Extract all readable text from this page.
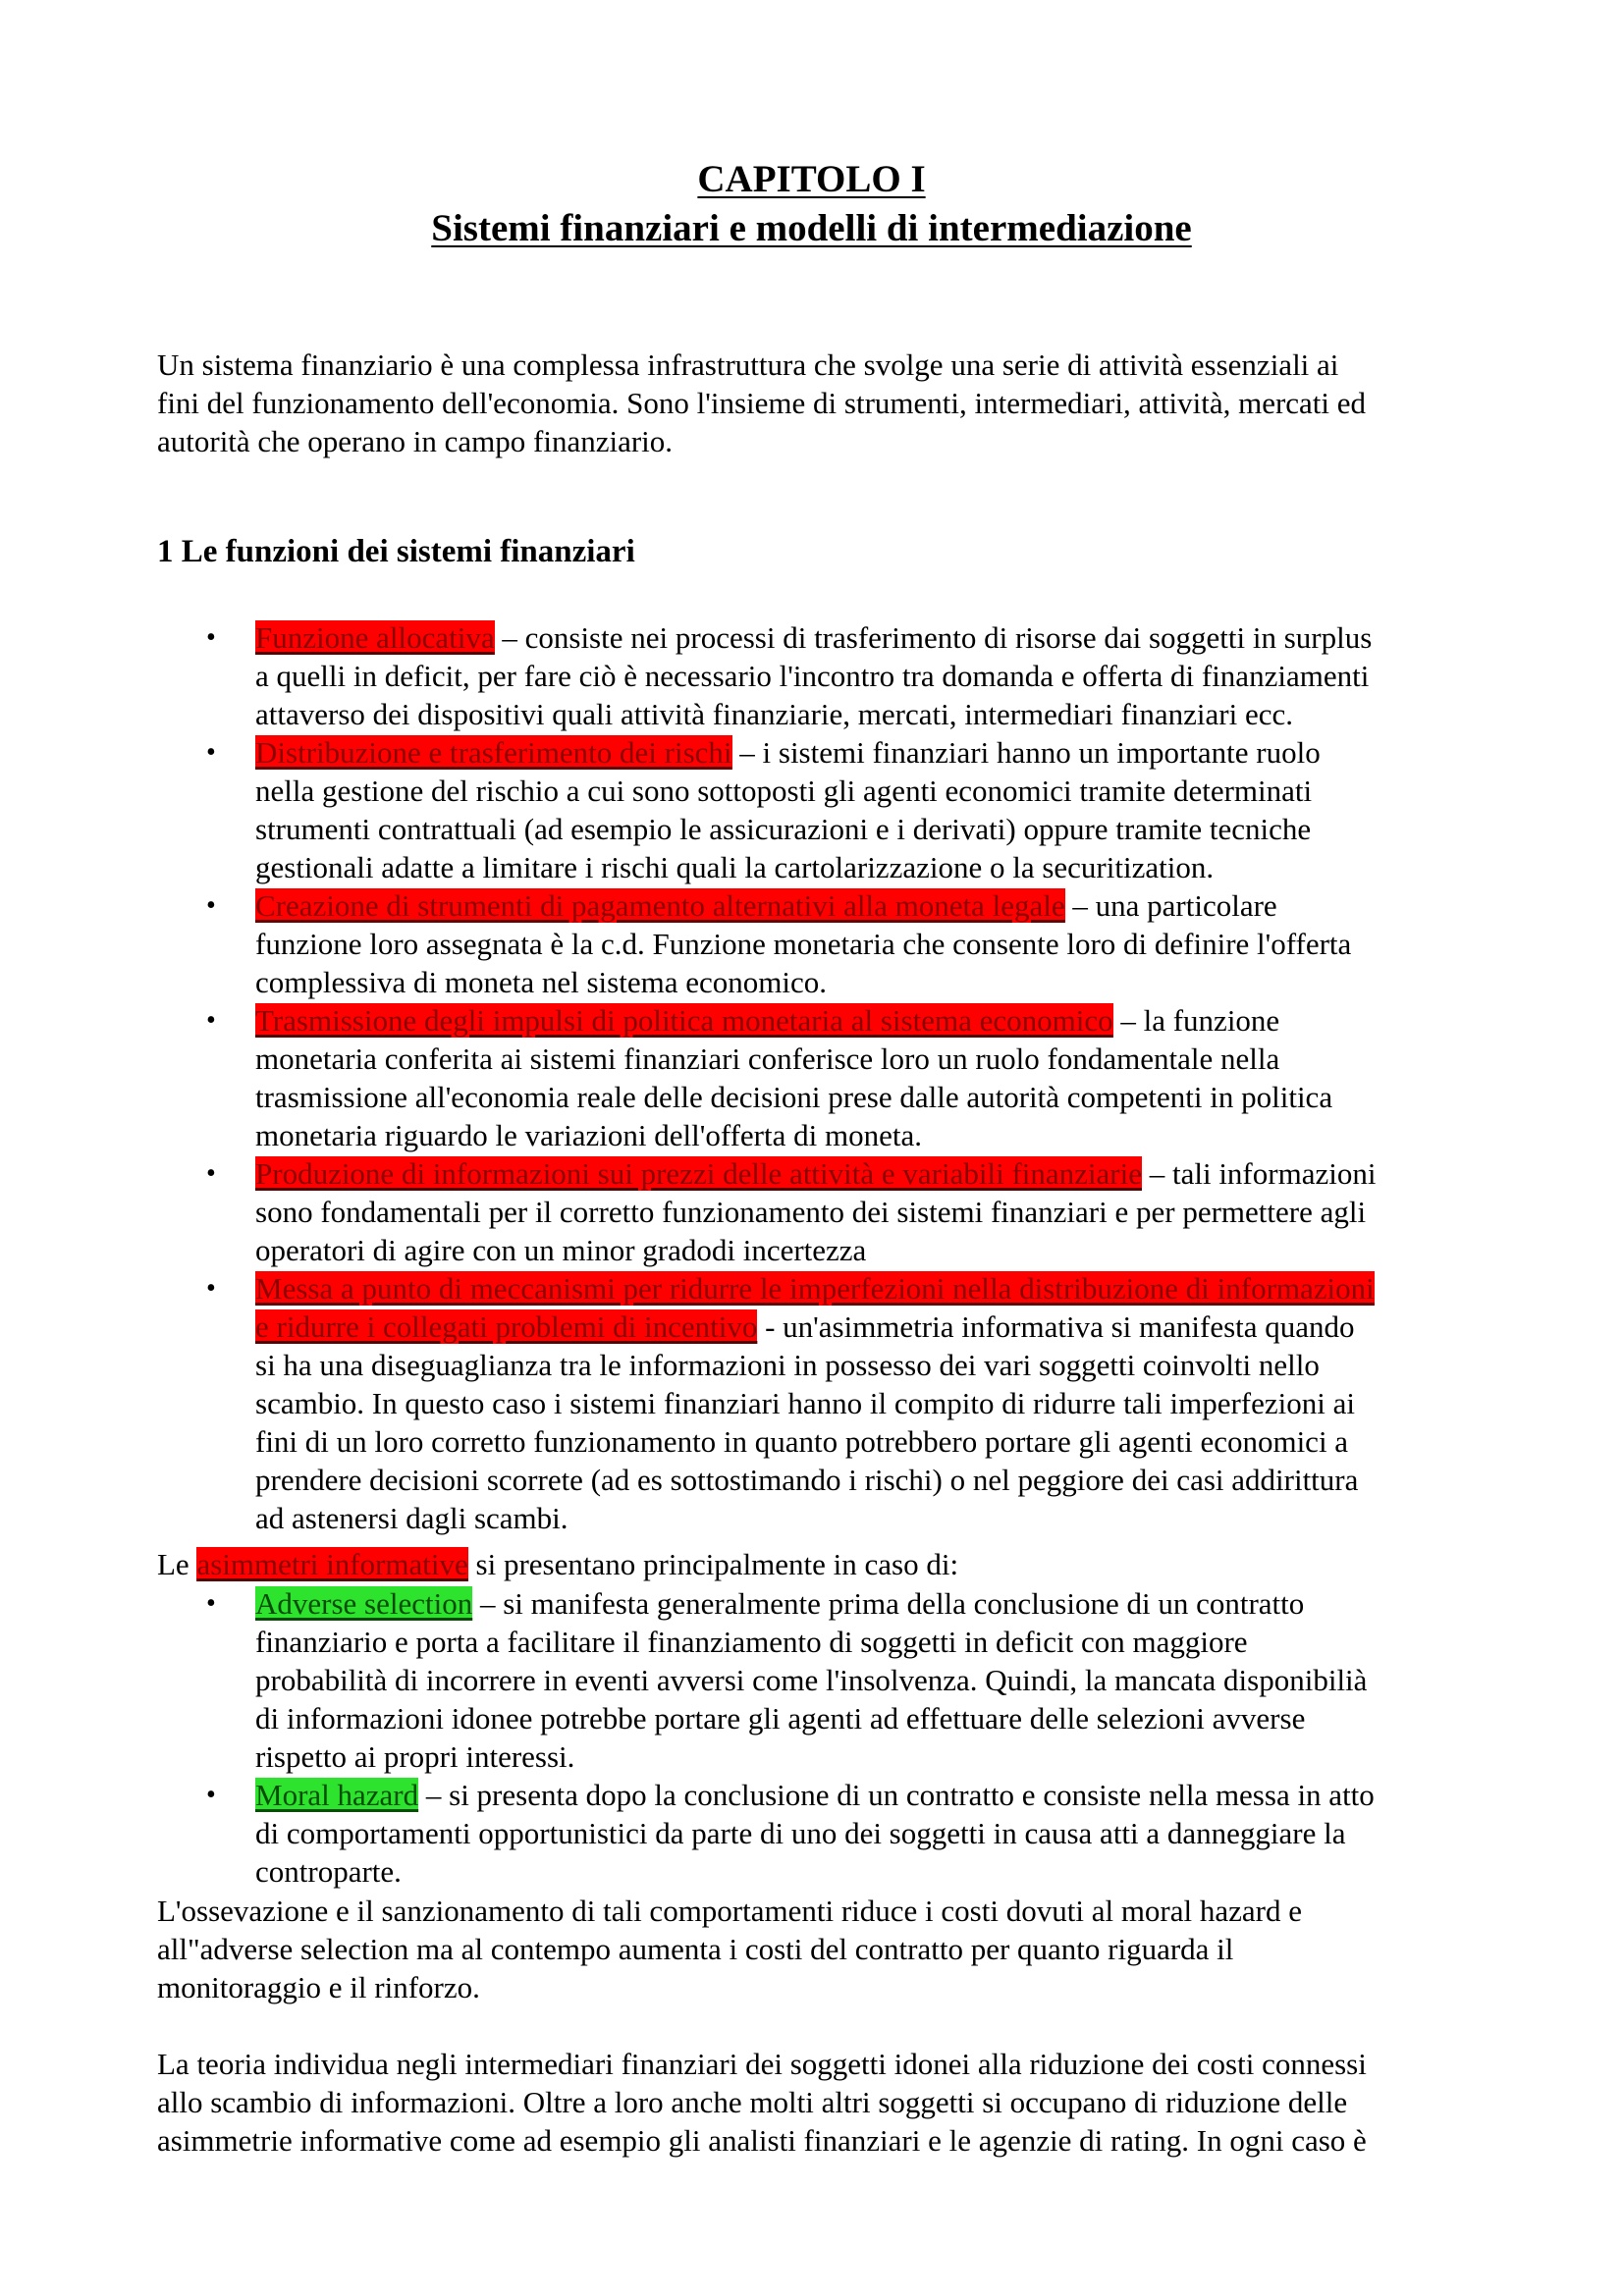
CAPITOLO I
Sistemi finanziari e modelli di intermediazione
Un sistema finanziario è una complessa infrastruttura che svolge una serie di attività essenziali ai
fini del funzionamento dell'economia. Sono l'insieme di strumenti, intermediari, attività, mercati ed
autorità che operano in campo finanziario.
1 Le funzioni dei sistemi finanziari
• Funzione allocativa – consiste nei processi di trasferimento di risorse dai soggetti in surplus
a quelli in deficit, per fare ciò è necessario l'incontro tra domanda e offerta di finanziamenti
attaverso dei dispositivi quali attività finanziarie, mercati, intermediari finanziari ecc.
• Distribuzione e trasferimento dei rischi – i sistemi finanziari hanno un importante ruolo
nella gestione del rischio a cui sono sottoposti gli agenti economici tramite determinati
strumenti contrattuali (ad esempio le assicurazioni e i derivati) oppure tramite tecniche
gestionali adatte a limitare i rischi quali la cartolarizzazione o la securitization.
• Creazione di strumenti di pagamento alternativi alla moneta legale – una particolare
funzione loro assegnata è la c.d. Funzione monetaria che consente loro di definire l'offerta
complessiva di moneta nel sistema economico.
• Trasmissione degli impulsi di politica monetaria al sistema economico – la funzione
monetaria conferita ai sistemi finanziari conferisce loro un ruolo fondamentale nella
trasmissione all'economia reale delle decisioni prese dalle autorità competenti in politica
monetaria riguardo le variazioni dell'offerta di moneta.
• Produzione di informazioni sui prezzi delle attività e variabili finanziarie – tali informazioni
sono fondamentali per il corretto funzionamento dei sistemi finanziari e per permettere agli
operatori di agire con un minor gradodi incertezza
• Messa a punto di meccanismi per ridurre le imperfezioni nella distribuzione di informazioni
e ridurre i collegati problemi di incentivo - un'asimmetria informativa si manifesta quando
si ha una diseguaglianza tra le informazioni in possesso dei vari soggetti coinvolti nello
scambio. In questo caso i sistemi finanziari hanno il compito di ridurre tali imperfezioni ai
fini di un loro corretto funzionamento in quanto potrebbero portare gli agenti economici a
prendere decisioni scorrete (ad es sottostimando i rischi) o nel peggiore dei casi addirittura
ad astenersi dagli scambi.
Le asimmetri informative si presentano principalmente in caso di:
• Adverse selection – si manifesta generalmente prima della conclusione di un contratto
finanziario e porta a facilitare il finanziamento di soggetti in deficit con maggiore
probabilità di incorrere in eventi avversi come l'insolvenza. Quindi, la mancata disponibilià
di informazioni idonee potrebbe portare gli agenti ad effettuare delle selezioni avverse
rispetto ai propri interessi.
• Moral hazard – si presenta dopo la conclusione di un contratto e consiste nella messa in atto
di comportamenti opportunistici da parte di uno dei soggetti in causa atti a danneggiare la
controparte.
L'ossevazione e il sanzionamento di tali comportamenti riduce i costi dovuti al moral hazard e
all"adverse selection ma al contempo aumenta i costi del contratto per quanto riguarda il
monitoraggio e il rinforzo.
La teoria individua negli intermediari finanziari dei soggetti idonei alla riduzione dei costi connessi
allo scambio di informazioni. Oltre a loro anche molti altri soggetti si occupano di riduzione delle
asimmetrie informative come ad esempio gli analisti finanziari e le agenzie di rating. In ogni caso è
